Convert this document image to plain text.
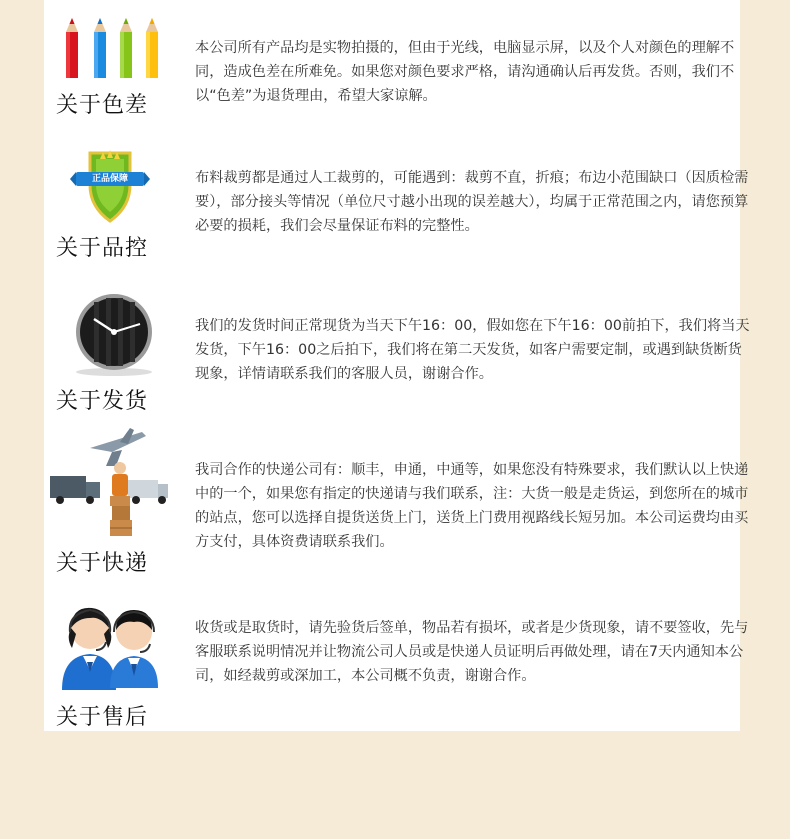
关于色差
本公司所有产品均是实物拍摄的，但由于光线，电脑显示屏，以及个人对颜色的理解不同，造成色差在所难免。如果您对颜色要求严格，请沟通确认后再发货。否则，我们不以“色差”为退货理由，希望大家谅解。
正品保障
关于品控
布料裁剪都是通过人工裁剪的，可能遇到：裁剪不直，折痕；布边小范围缺口（因质检需要），部分接头等情况（单位尺寸越小出现的误差越大），均属于正常范围之内，请您预算必要的损耗，我们会尽量保证布料的完整性。
关于发货
我们的发货时间正常现货为当天下午16：00，假如您在下午16：00前拍下，我们将当天发货，下午16：00之后拍下，我们将在第二天发货，如客户需要定制，或遇到缺货断货现象，详情请联系我们的客服人员，谢谢合作。
关于快递
我司合作的快递公司有：顺丰，申通，中通等，如果您没有特殊要求，我们默认以上快递中的一个，如果您有指定的快递请与我们联系，注：大货一般是走货运，到您所在的城市的站点，您可以选择自提货送货上门，送货上门费用视路线长短另加。本公司运费均由买方支付，具体资费请联系我们。
关于售后
收货或是取货时，请先验货后签单，物品若有损坏，或者是少货现象，请不要签收，先与客服联系说明情况并让物流公司人员或是快递人员证明后再做处理，请在7天内通知本公司，如经裁剪或深加工，本公司概不负责，谢谢合作。
